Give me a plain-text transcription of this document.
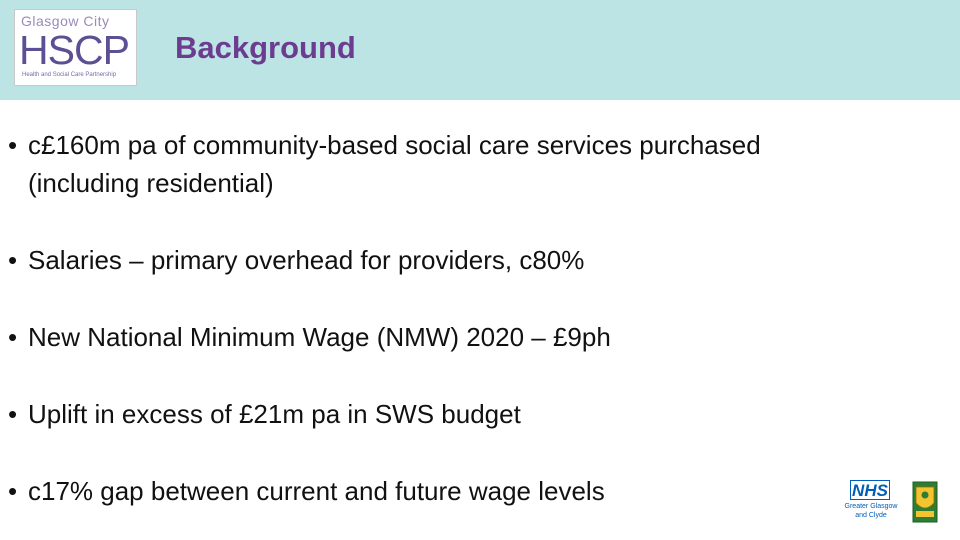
Glasgow City
HSCP
Health and Social Care Partnership
Background
• c£160m pa of community-based social care services purchased
(including residential)
• Salaries – primary overhead for providers, c80%
• New National Minimum Wage (NMW) 2020 – £9ph
• Uplift in excess of £21m pa in SWS budget
• c17% gap between current and future wage levels	NHS
Greater Glasgow
and Clyde
